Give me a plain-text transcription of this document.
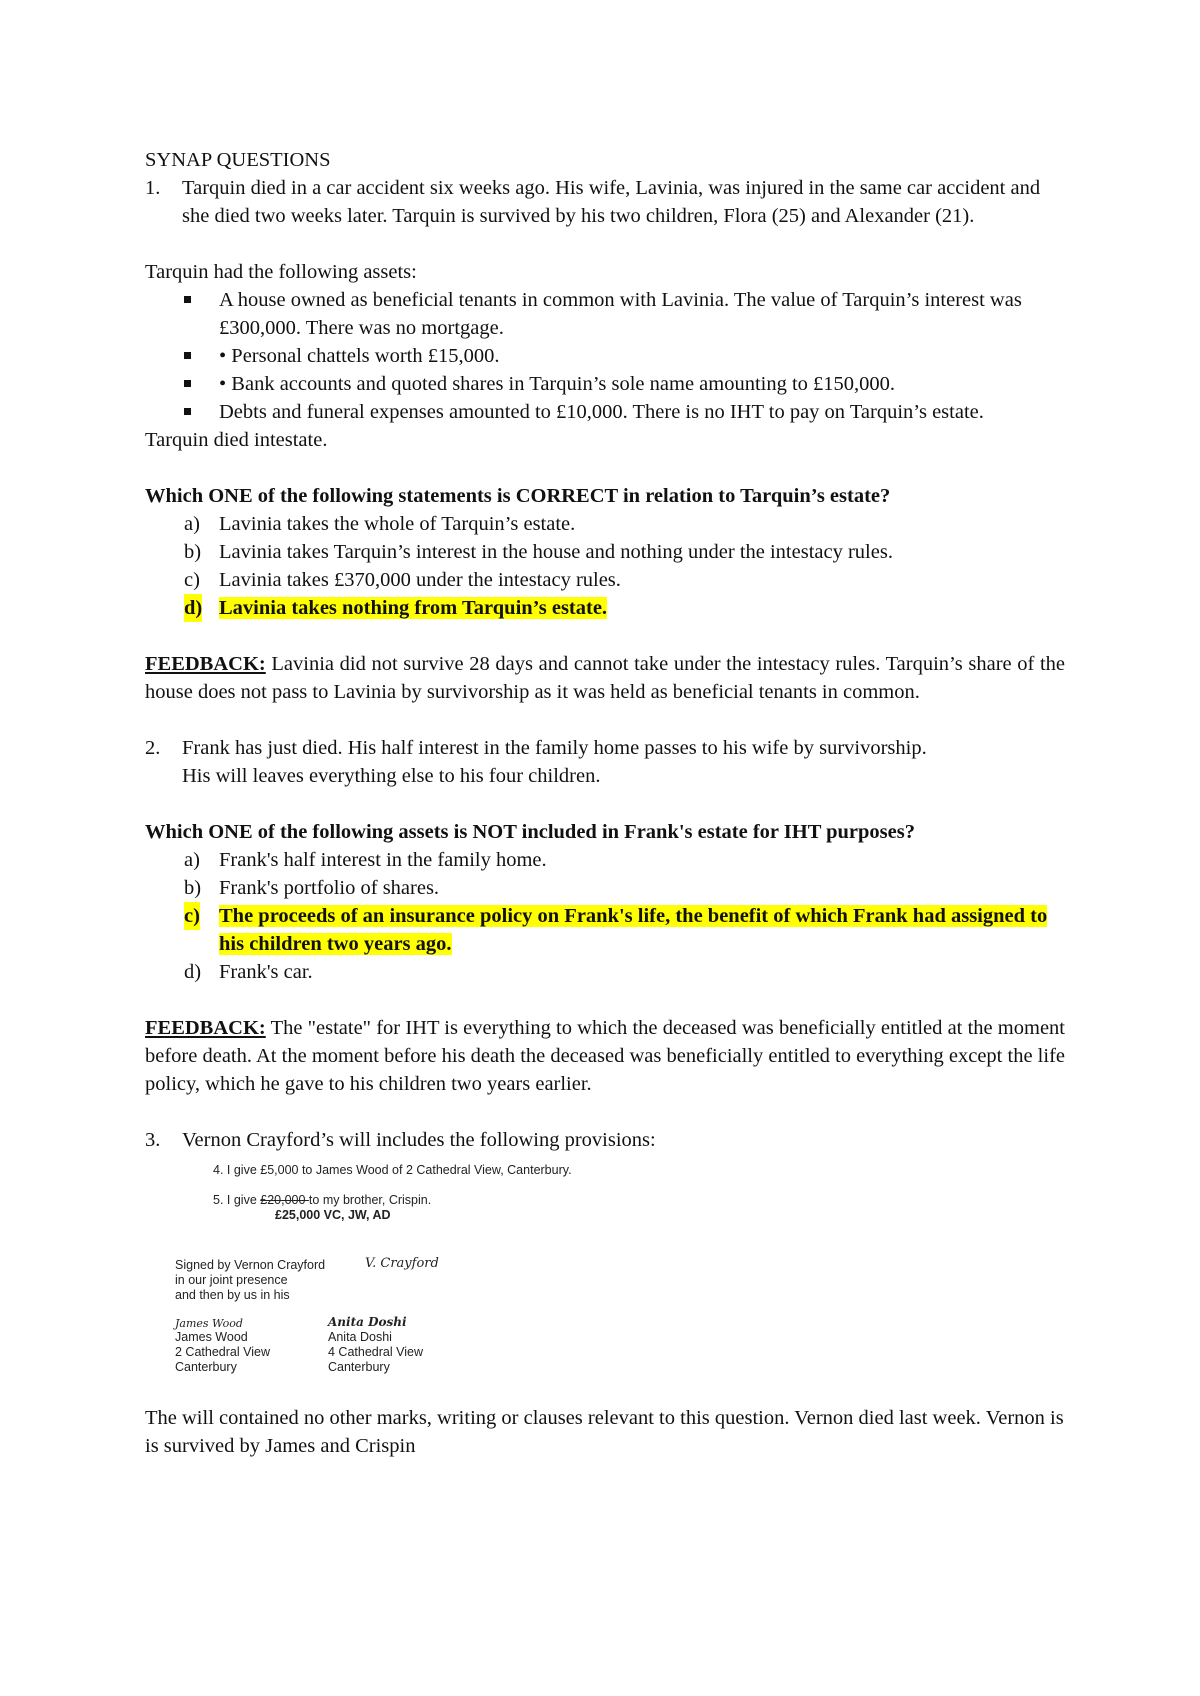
SYNAP QUESTIONS

1. Tarquin died in a car accident six weeks ago. His wife, Lavinia, was injured in the same car accident and she died two weeks later. Tarquin is survived by his two children, Flora (25) and Alexander (21).

Tarquin had the following assets:

A house owned as beneficial tenants in common with Lavinia. The value of Tarquin’s interest was £300,000. There was no mortgage.
• Personal chattels worth £15,000.
• Bank accounts and quoted shares in Tarquin’s sole name amounting to £150,000.
Debts and funeral expenses amounted to £10,000. There is no IHT to pay on Tarquin’s estate.

Tarquin died intestate.

Which ONE of the following statements is CORRECT in relation to Tarquin’s estate?

a) Lavinia takes the whole of Tarquin’s estate.
b) Lavinia takes Tarquin’s interest in the house and nothing under the intestacy rules.
c) Lavinia takes £370,000 under the intestacy rules.
d) Lavinia takes nothing from Tarquin’s estate.

FEEDBACK: Lavinia did not survive 28 days and cannot take under the intestacy rules. Tarquin’s share of the house does not pass to Lavinia by survivorship as it was held as beneficial tenants in common.

2. Frank has just died. His half interest in the family home passes to his wife by survivorship. His will leaves everything else to his four children.

Which ONE of the following assets is NOT included in Frank's estate for IHT purposes?

a) Frank's half interest in the family home.
b) Frank's portfolio of shares.
c) The proceeds of an insurance policy on Frank's life, the benefit of which Frank had assigned to his children two years ago.
d) Frank's car.

FEEDBACK: The "estate" for IHT is everything to which the deceased was beneficially entitled at the moment before death. At the moment before his death the deceased was beneficially entitled to everything except the life policy, which he gave to his children two years earlier.

3. Vernon Crayford’s will includes the following provisions:

4. I give £5,000 to James Wood of 2 Cathedral View, Canterbury.
5. I give £20,000 to my brother, Crispin.
£25,000 VC, JW, AD
Signed by Vernon Crayford
in our joint presence
and then by us in his
V. Crayford
James Wood
James Wood
2 Cathedral View
Canterbury
Anita Doshi
Anita Doshi
4 Cathedral View
Canterbury

The will contained no other marks, writing or clauses relevant to this question. Vernon died last week. Vernon is is survived by James and Crispin
